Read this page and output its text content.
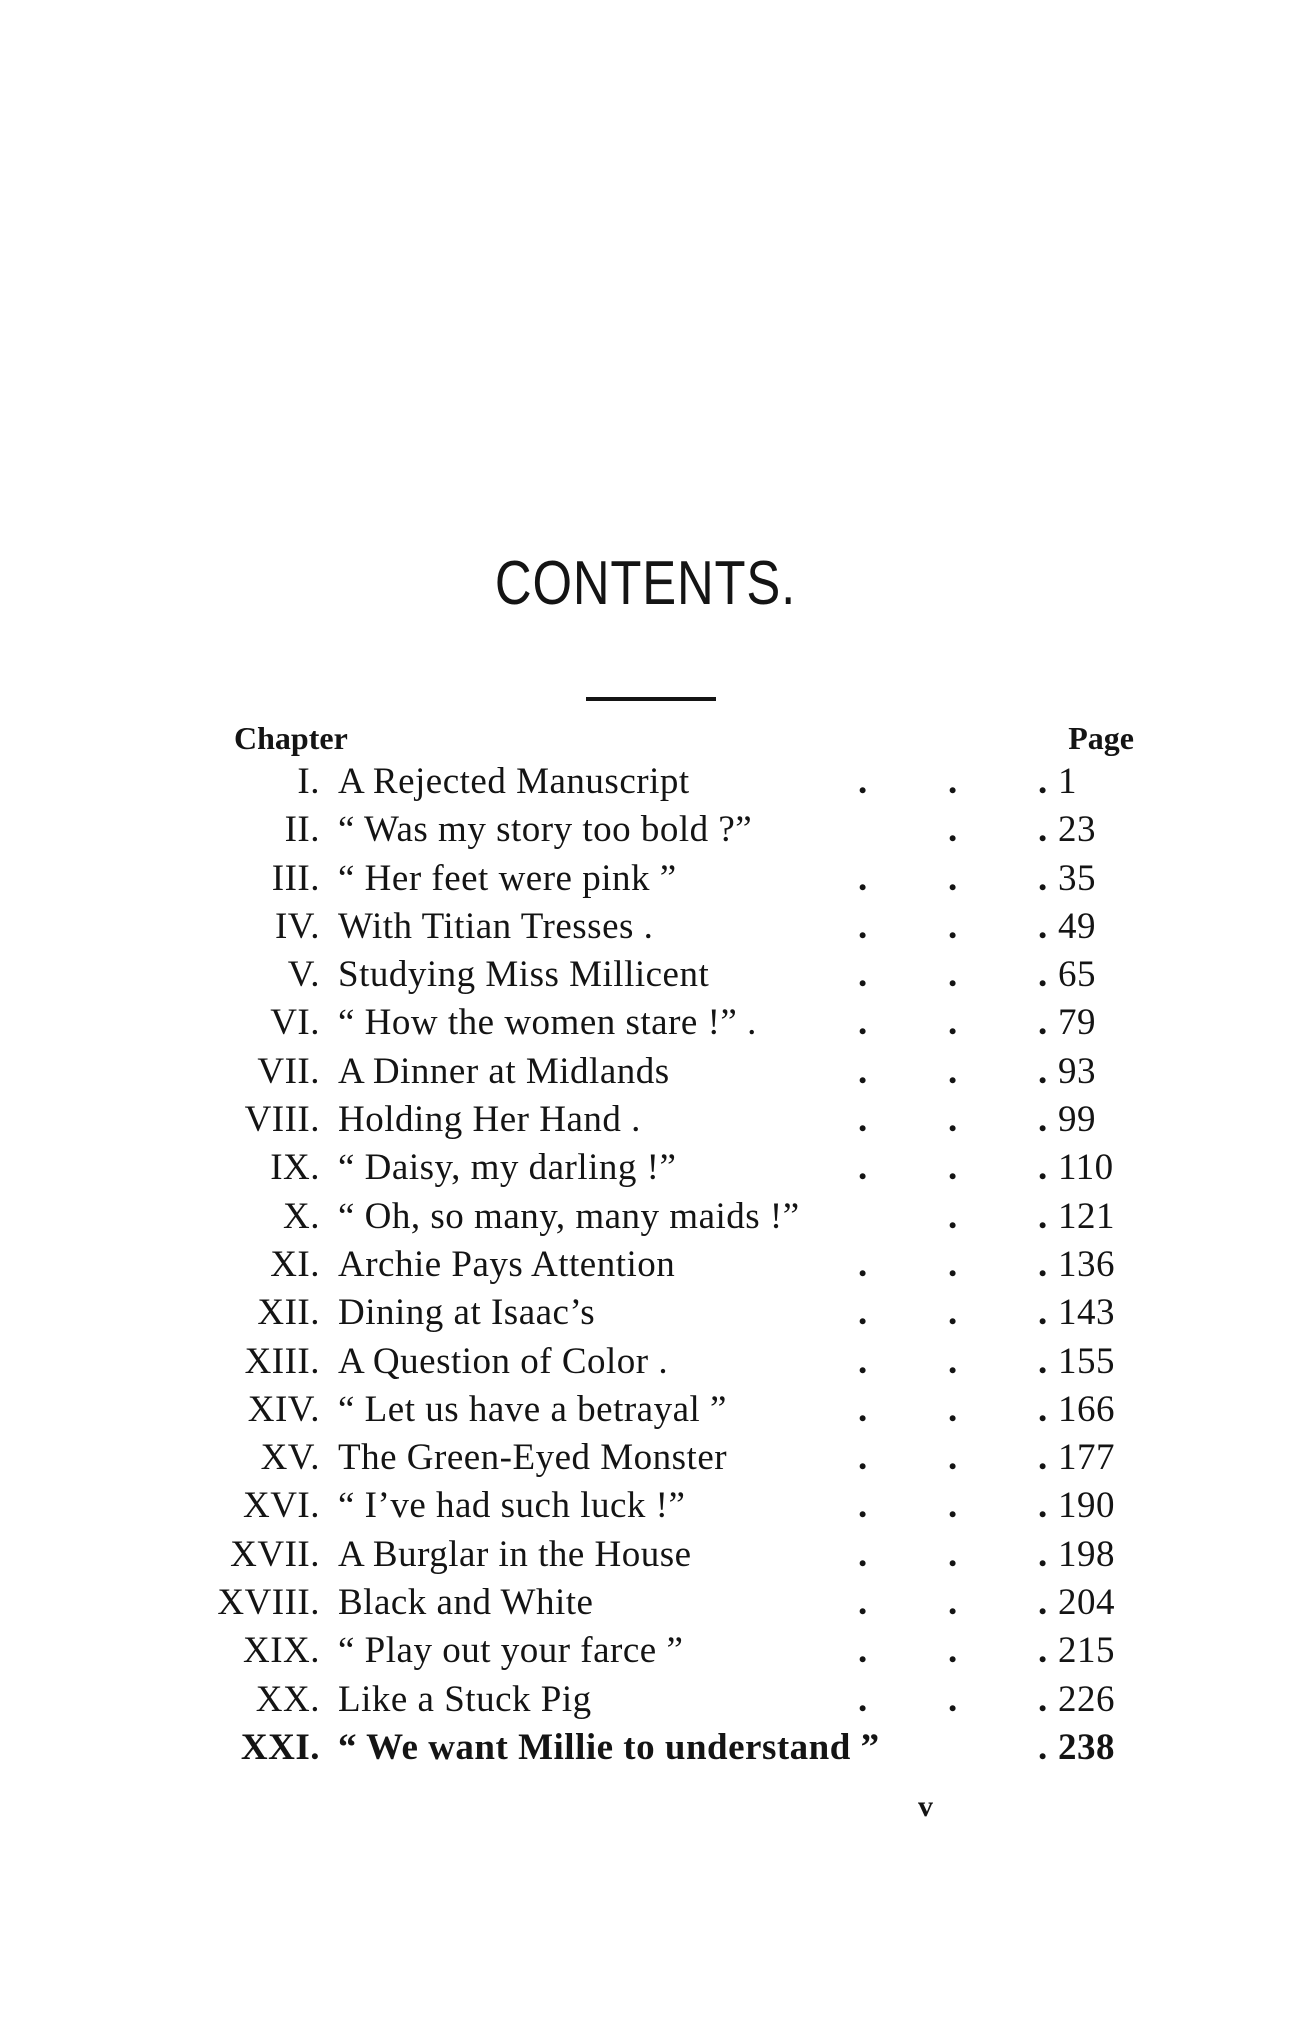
CONTENTS.
Chapter	Page
I. A Rejected Manuscript	. . . 1
II. “ Was my story too bold ?”	. . 23
III. “ Her feet were pink ”	. . . 35
IV. With Titian Tresses .	. . . 49
V. Studying Miss Millicent	. . . 65
VI. “ How the women stare !” .	. . . 79
VII. A Dinner at Midlands	. . . 93
VIII. Holding Her Hand .	. . . 99
IX. “ Daisy, my darling !”	. . . 110
X. “ Oh, so many, many maids !”	. . 121
XI. Archie Pays Attention	. . . 136
XII. Dining at Isaac’s	. . . 143
XIII. A Question of Color .	. . . 155
XIV. “ Let us have a betrayal ”	. . . 166
XV. The Green-Eyed Monster	. . . 177
XVI. “ I’ve had such luck !”	. . . 190
XVII. A Burglar in the House	. . . 198
XVIII. Black and White	. . . 204
XIX. “ Play out your farce ”	. . . 215
XX. Like a Stuck Pig	. . . 226
XXI. “ We want Millie to understand ”	. 238
v
